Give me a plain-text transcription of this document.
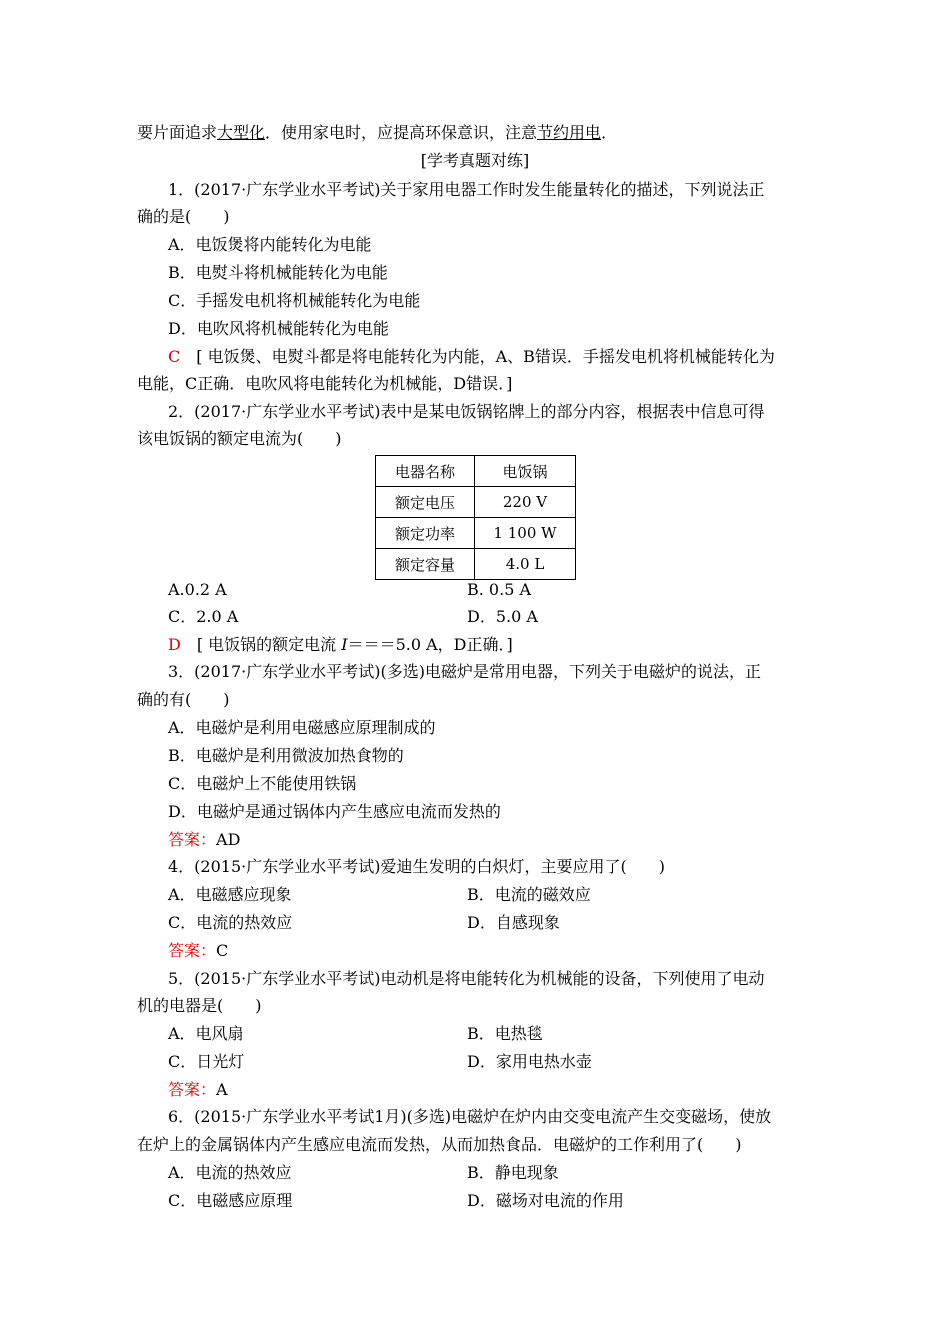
要片面追求大型化．使用家电时，应提高环保意识，注意节约用电．
[学考真题对练]
1．(2017·广东学业水平考试)关于家用电器工作时发生能量转化的描述，下列说法正
确的是(　　)
A．电饭煲将内能转化为电能
B．电熨斗将机械能转化为电能
C．手摇发电机将机械能转化为电能
D．电吹风将机械能转化为电能
C　 [ 电饭煲、电熨斗都是将电能转化为内能，A、B错误．手摇发电机将机械能转化为
电能，C正确．电吹风将电能转化为机械能，D错误．]
2．(2017·广东学业水平考试)表中是某电饭锅铭牌上的部分内容，根据表中信息可得
该电饭锅的额定电流为(　　)
电器名称	电饭锅
额定电压	220 V
额定功率	1 100 W
额定容量	4.0 L
A.0.2 A	B. 0.5 A
C．2.0 A	D．5.0 A
D　 [ 电饭锅的额定电流 I＝＝＝5.0 A，D正确．]
3．(2017·广东学业水平考试)(多选)电磁炉是常用电器，下列关于电磁炉的说法，正
确的有(　　)
A．电磁炉是利用电磁感应原理制成的
B．电磁炉是利用微波加热食物的
C．电磁炉上不能使用铁锅
D．电磁炉是通过锅体内产生感应电流而发热的
答案：AD
4．(2015·广东学业水平考试)爱迪生发明的白炽灯，主要应用了(　　)
A．电磁感应现象	B．电流的磁效应
C．电流的热效应	D．自感现象
答案：C
5．(2015·广东学业水平考试)电动机是将电能转化为机械能的设备，下列使用了电动
机的电器是(　　)
A．电风扇	B．电热毯
C．日光灯	D．家用电热水壶
答案：A
6．(2015·广东学业水平考试1月)(多选)电磁炉在炉内由交变电流产生交变磁场，使放
在炉上的金属锅体内产生感应电流而发热，从而加热食品．电磁炉的工作利用了(　　)
A．电流的热效应	B．静电现象
C．电磁感应原理	D．磁场对电流的作用
